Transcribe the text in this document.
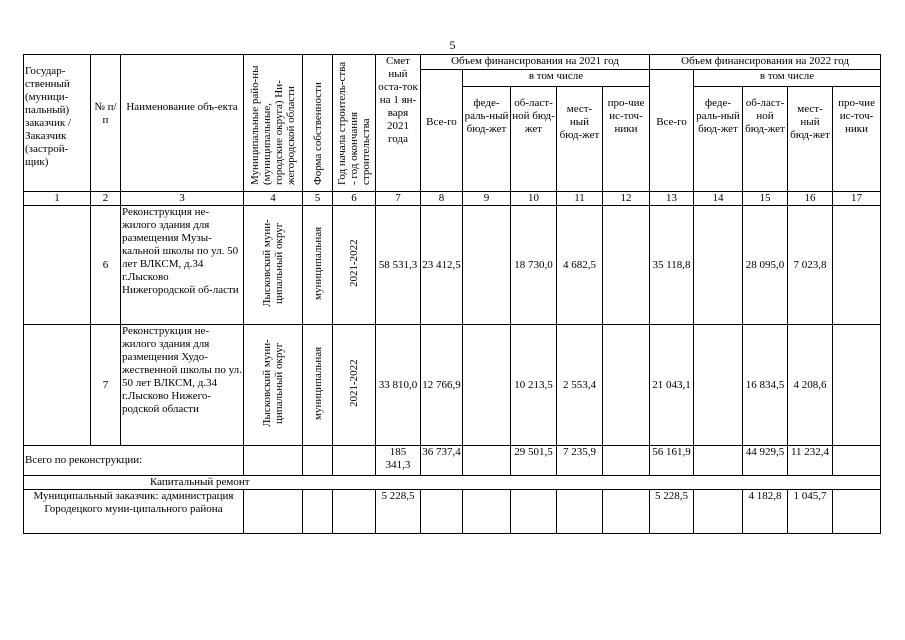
5
Государ-ственный (муници-пальный) заказчик / Заказчик (застрой-щик)	№ п/п	Наименование объ-екта	Муниципальные райо-ны (муниципальные, городские округа) Ни-жегородской области	Форма собственности	Год начала строитель-ства - год окончания строительства	Смет ный оста-ток на 1 ян-варя 2021 года	Объем финансирования на 2021 год					Объем финансирования на 2022 год				
							Все-го	в том числе				Все-го	в том числе			
								федe-раль-ный бюд-жет	об-ласт-ной бюд-жет	мест-ный бюд-жет	про-чие ис-точ-ники		федe-раль-ный бюд-жет	об-ласт-ной бюд-жет	мест-ный бюд-жет	про-чие ис-точ-ники
1	2	3	4	5	6	7	8	9	10	11	12	13	14	15	16	17
	6	Реконструкция не-жилого здания для размещения Музы-кальной школы по ул. 50 лет ВЛКСМ, д.34 г.Лысково Нижегородской об-ласти	Лысковский муни-ципальный округ	муниципальная	2021-2022	58 531,3	23 412,5		18 730,0	4 682,5		35 118,8		28 095,0	7 023,8	
	7	Реконструкция не-жилого здания для размещения Худо-жественной школы по ул. 50 лет ВЛКСМ, д.34 г.Лысково Нижего-родской области	Лысковский муни-ципальный округ	муниципальная	2021-2022	33 810,0	12 766,9		10 213,5	2 553,4		21 043,1		16 834,5	4 208,6	
Всего по реконструкции:						185 341,3	36 737,4		29 501,5	7 235,9		56 161,9		44 929,5	11 232,4	
Капитальный ремонт																
Муниципальный заказчик: администрация Городецкого муни-ципального района						5 228,5						5 228,5		4 182,8	1 045,7	
